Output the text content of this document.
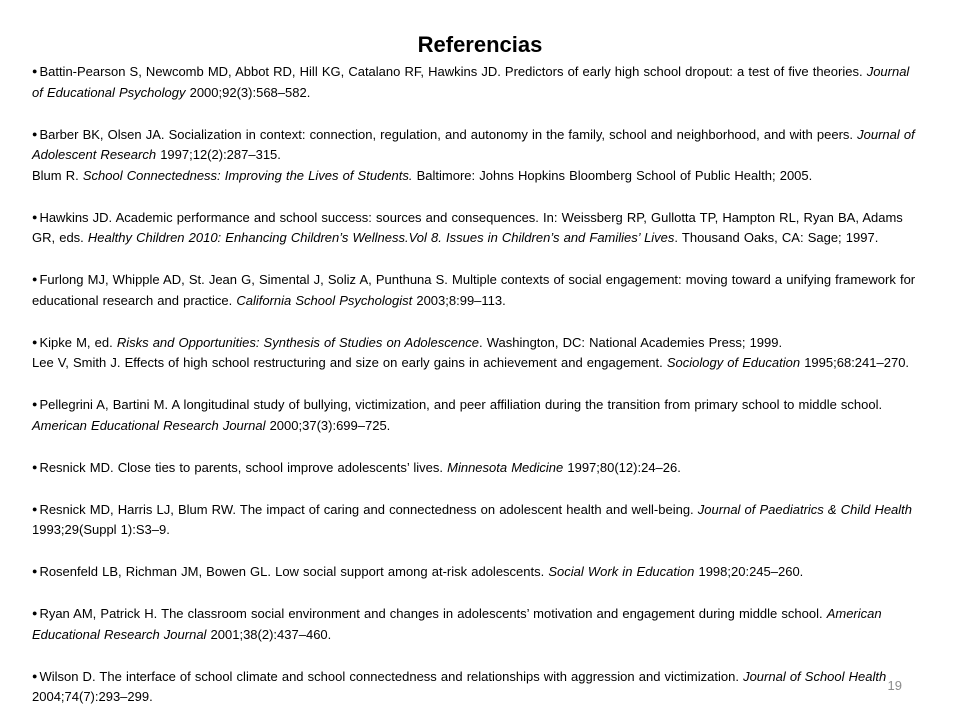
Referencias

● Battin-Pearson S, Newcomb MD, Abbot RD, Hill KG, Catalano RF, Hawkins JD. Predictors of early high school dropout: a test of five theories. Journal of Educational Psychology 2000;92(3):568–582.

● Barber BK, Olsen JA. Socialization in context: connection, regulation, and autonomy in the family, school and neighborhood, and with peers. Journal of Adolescent Research 1997;12(2):287–315.

Blum R. School Connectedness: Improving the Lives of Students. Baltimore: Johns Hopkins Bloomberg School of Public Health; 2005.

● Hawkins JD. Academic performance and school success: sources and consequences. In: Weissberg RP, Gullotta TP, Hampton RL, Ryan BA, Adams GR, eds. Healthy Children 2010: Enhancing Children’s Wellness.Vol 8. Issues in Children’s and Families’ Lives. Thousand Oaks, CA: Sage; 1997.

● Furlong MJ, Whipple AD, St. Jean G, Simental J, Soliz A, Punthuna S. Multiple contexts of social engagement: moving toward a unifying framework for educational research and practice. California School Psychologist 2003;8:99–113.

● Kipke M, ed. Risks and Opportunities: Synthesis of Studies on Adolescence. Washington, DC: National Academies Press; 1999.

Lee V, Smith J. Effects of high school restructuring and size on early gains in achievement and engagement. Sociology of Education 1995;68:241–270.

● Pellegrini A, Bartini M. A longitudinal study of bullying, victimization, and peer affiliation during the transition from primary school to middle school. American Educational Research Journal 2000;37(3):699–725.

● Resnick MD. Close ties to parents, school improve adolescents’ lives. Minnesota Medicine 1997;80(12):24–26.

● Resnick MD, Harris LJ, Blum RW. The impact of caring and connectedness on adolescent health and well-being. Journal of Paediatrics & Child Health 1993;29(Suppl 1):S3–9.

● Rosenfeld LB, Richman JM, Bowen GL. Low social support among at-risk adolescents. Social Work in Education 1998;20:245–260.

● Ryan AM, Patrick H. The classroom social environment and changes in adolescents’ motivation and engagement during middle school. American Educational Research Journal 2001;38(2):437–460.

● Wilson D. The interface of school climate and school connectedness and relationships with aggression and victimization. Journal of School Health 2004;74(7):293–299.

19
